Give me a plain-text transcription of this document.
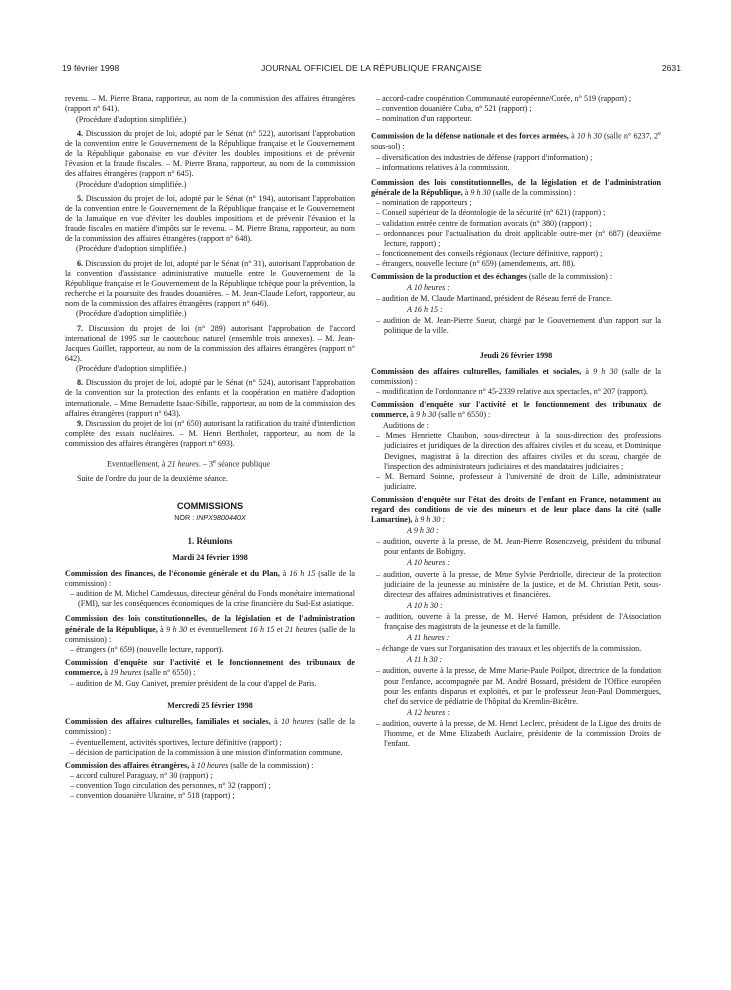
19 février 1998	JOURNAL OFFICIEL DE LA RÉPUBLIQUE FRANÇAISE	2631

revenu. – M. Pierre Brana, rapporteur, au nom de la commission des affaires étrangères (rapport n° 641).

(Procédure d'adoption simplifiée.)

4. Discussion du projet de loi, adopté par le Sénat (n° 522), autorisant l'approbation de la convention entre le Gouvernement de la République française et le Gouvernement de la République gabonaise en vue d'éviter les doubles impositions et de prévenir l'évasion et la fraude fiscales. – M. Pierre Brana, rapporteur, au nom de la commission des affaires étrangères (rapport n° 645).

(Procédure d'adoption simplifiée.)

5. Discussion du projet de loi, adopté par le Sénat (n° 194), autorisant l'approbation de la convention entre le Gouvernement de la République française et le Gouvernement de la Jamaïque en vue d'éviter les doubles impositions et de prévenir l'évasion et la fraude fiscales en matière d'impôts sur le revenu. – M. Pierre Brana, rapporteur, au nom de la commission des affaires étrangères (rapport n° 648).

(Procédure d'adoption simplifiée.)

6. Discussion du projet de loi, adopté par le Sénat (n° 31), autorisant l'approbation de la convention d'assistance administrative mutuelle entre le Gouvernement de la République française et le Gouvernement de la République tchèque pour la prévention, la recherche et la poursuite des fraudes douanières. – M. Jean-Claude Lefort, rapporteur, au nom de la commission des affaires étrangères (rapport n° 646).

(Procédure d'adoption simplifiée.)

7. Discussion du projet de loi (n° 289) autorisant l'approbation de l'accord international de 1995 sur le caoutchouc naturel (ensemble trois annexes). – M. Jean-Jacques Guillet, rapporteur, au nom de la commission des affaires étrangères (rapport n° 642).

(Procédure d'adoption simplifiée.)

8. Discussion du projet de loi, adopté par le Sénat (n° 524), autorisant l'approbation de la convention sur la protection des enfants et la coopération en matière d'adoption internationale. – Mme Bernadette Isaac-Sibille, rapporteur, au nom de la commission des affaires étrangères (rapport n° 643).

9. Discussion du projet de loi (n° 650) autorisant la ratification du traité d'interdiction complète des essais nucléaires. – M. Henri Bertholet, rapporteur, au nom de la commission des affaires étrangères (rapport n° 693).

Eventuellement, à 21 heures. – 3e séance publique

Suite de l'ordre du jour de la deuxième séance.

COMMISSIONS
NOR : INPX9800440X
1. Réunions
Mardi 24 février 1998

Commission des finances, de l'économie générale et du Plan, à 16 h 15 (salle de la commission) :

– audition de M. Michel Camdessus, directeur général du Fonds monétaire international (FMI), sur les conséquences économiques de la crise financière du Sud-Est asiatique.

Commission des lois constitutionnelles, de la législation et de l'administration générale de la République, à 9 h 30 et éventuellement 16 h 15 et 21 heures (salle de la commission) :

– étrangers (n° 659) (nouvelle lecture, rapport).

Commission d'enquête sur l'activité et le fonctionnement des tribunaux de commerce, à 19 heures (salle n° 6550) :

– audition de M. Guy Canivet, premier président de la cour d'appel de Paris.

Mercredi 25 février 1998

Commission des affaires culturelles, familiales et sociales, à 10 heures (salle de la commission) :

– éventuellement, activités sportives, lecture définitive (rapport) ;

– décision de participation de la commission à une mission d'information commune.

Commission des affaires étrangères, à 10 heures (salle de la commission) :

– accord culturel Paraguay, n° 30 (rapport) ;

– convention Togo circulation des personnes, n° 32 (rapport) ;

– convention douanière Ukraine, n° 518 (rapport) ;

– accord-cadre coopération Communauté européenne/Corée, n° 519 (rapport) ;

– convention douanière Cuba, n° 521 (rapport) ;

– nomination d'un rapporteur.

Commission de la défense nationale et des forces armées, à 10 h 30 (salle n° 6237, 2e sous-sol) :

– diversification des industries de défense (rapport d'information) ;

– informations relatives à la commission.

Commission des lois constitutionnelles, de la législation et de l'administration générale de la République, à 9 h 30 (salle de la commission) :

– nomination de rapporteurs ;

– Conseil supérieur de la déontologie de la sécurité (n° 621) (rapport) ;

– validation entrée centre de formation avocats (n° 380) (rapport) ;

– ordonnances pour l'actualisation du droit applicable outre-mer (n° 687) (deuxième lecture, rapport) ;

– fonctionnement des conseils régionaux (lecture définitive, rapport) ;

– étrangers, nouvelle lecture (n° 659) (amendements, art. 88).

Commission de la production et des échanges (salle de la commission) :

A 10 heures :

– audition de M. Claude Martinand, président de Réseau ferré de France.

A 16 h 15 :

– audition de M. Jean-Pierre Sueur, chargé par le Gouvernement d'un rapport sur la politique de la ville.

Jeudi 26 février 1998

Commission des affaires culturelles, familiales et sociales, à 9 h 30 (salle de la commission) :

– modification de l'ordonnance n° 45-2339 relative aux spectacles, n° 207 (rapport).

Commission d'enquête sur l'activité et le fonctionnement des tribunaux de commerce, à 9 h 30 (salle n° 6550) :

Auditions de :

– Mmes Henriette Chaubon, sous-directeur à la sous-direction des professions judiciaires et juridiques de la direction des affaires civiles et du sceau, et Dominique Devignes, magistrat à la direction des affaires civiles et du sceau, chargée de l'inspection des administrateurs judiciaires et des mandataires judiciaires ;

– M. Bernard Soinne, professeur à l'université de droit de Lille, administrateur judiciaire.

Commission d'enquête sur l'état des droits de l'enfant en France, notamment au regard des conditions de vie des mineurs et de leur place dans la cité (salle Lamartine), à 9 h 30 :

A 9 h 30 :

– audition, ouverte à la presse, de M. Jean-Pierre Rosenczveig, président du tribunal pour enfants de Bobigny.

A 10 heures :

– audition, ouverte à la presse, de Mme Sylvie Perdriolle, directeur de la protection judiciaire de la jeunesse au ministère de la justice, et de M. Christian Petit, sous-directeur des affaires administratives et financières.

A 10 h 30 :

– audition, ouverte à la presse, de M. Hervé Hamon, président de l'Association française des magistrats de la jeunesse et de la famille.

A 11 heures :

– échange de vues sur l'organisation des travaux et les objectifs de la commission.

A 11 h 30 :

– audition, ouverte à la presse, de Mme Marie-Paule Poilpot, directrice de la fondation pour l'enfance, accompagnée par M. André Bossard, président de l'Office européen pour les enfants disparus et exploités, et par le professeur Jean-Paul Dommergues, chef du service de pédiatrie de l'hôpital du Kremlin-Bicêtre.

A 12 heures :

– audition, ouverte à la presse, de M. Henri Leclerc, président de la Ligue des droits de l'homme, et de Mme Elizabeth Auclaire, présidente de la commission Droits de l'enfant.
